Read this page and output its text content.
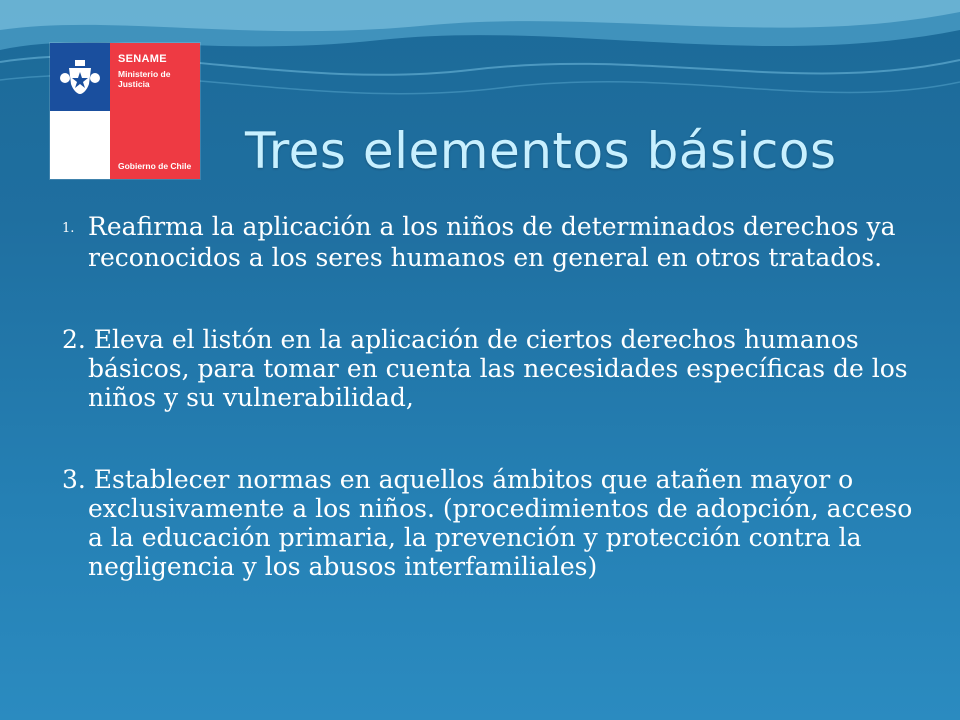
SENAME
Ministerio de Justicia
Gobierno de Chile Tres elementos básicos

1. Reafirma la aplicación a los niños de determinados derechos ya reconocidos a los seres humanos en general en otros tratados.

2. Eleva el listón en la aplicación de ciertos derechos humanos básicos, para tomar en cuenta las necesidades específicas de los niños y su vulnerabilidad,

3. Establecer normas en aquellos ámbitos que atañen mayor o exclusivamente a los niños. (procedimientos de adopción, acceso a la educación primaria, la prevención y protección contra la negligencia y los abusos interfamiliales)
